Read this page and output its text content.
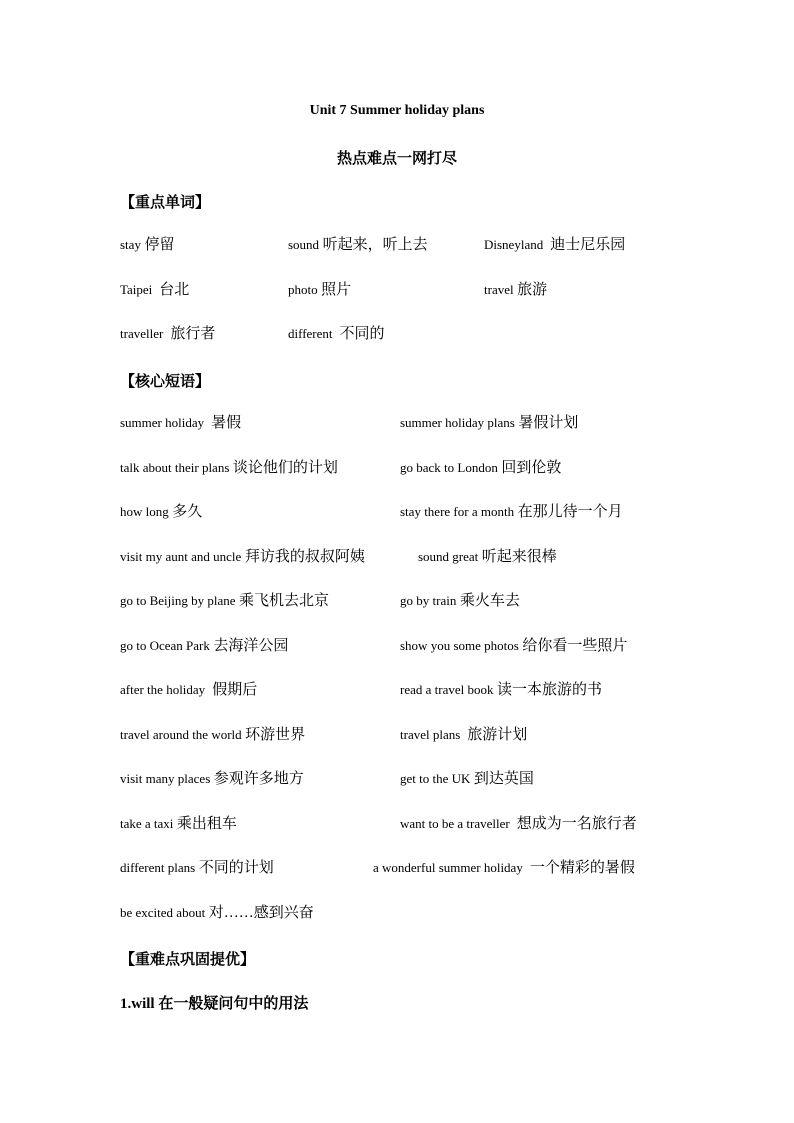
Unit 7 Summer holiday plans
热点难点一网打尽
【重点单词】
stay 停留	sound 听起来，听上去	Disneyland 迪士尼乐园
Taipei 台北	photo 照片	travel 旅游
traveller 旅行者	different 不同的
【核心短语】
summer holiday 暑假	summer holiday plans 暑假计划
talk about their plans 谈论他们的计划	go back to London 回到伦敦
how long 多久	stay there for a month 在那儿待一个月
visit my aunt and uncle 拜访我的叔叔阿姨	sound great 听起来很棒
go to Beijing by plane 乘飞机去北京	go by train 乘火车去
go to Ocean Park 去海洋公园	show you some photos 给你看一些照片
after the holiday 假期后	read a travel book 读一本旅游的书
travel around the world 环游世界	travel plans 旅游计划
visit many places 参观许多地方	get to the UK 到达英国
take a taxi 乘出租车	want to be a traveller 想成为一名旅行者
different plans 不同的计划	a wonderful summer holiday 一个精彩的暑假
be excited about 对……感到兴奋
【重难点巩固提优】
1.will 在一般疑问句中的用法
